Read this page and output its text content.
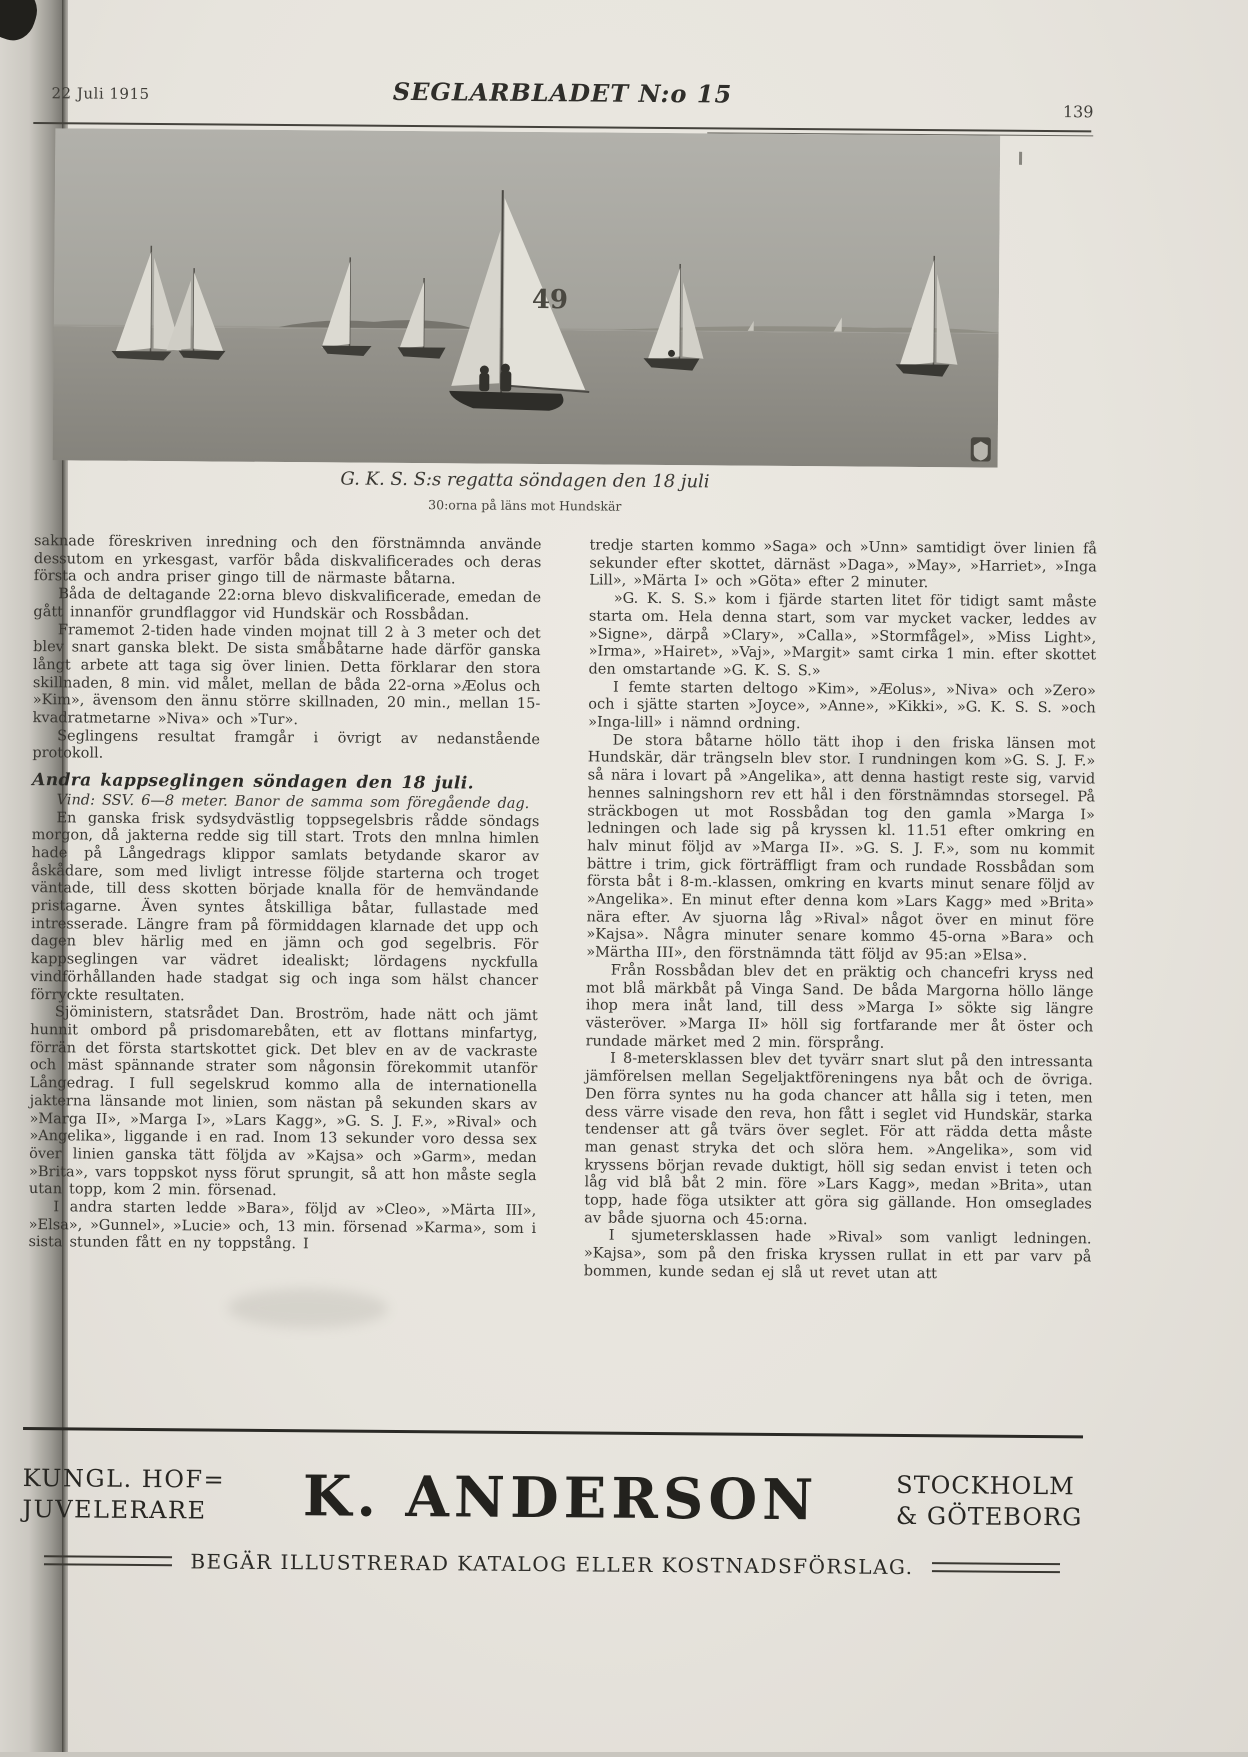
22 Juli 1915	SEGLARBLADET N:o 15
139
49
G. K. S. S:s regatta söndagen den 18 juli
30:orna på läns mot Hundskär

saknade föreskriven inredning och den förstnämnda använde dessutom en yrkesgast, varför båda diskvalificerades och deras första och andra priser gingo till de närmaste båtarna.

Båda de deltagande 22:orna blevo diskvalificerade, emedan de gått innanför grundflaggor vid Hundskär och Rossbådan.

Framemot 2-tiden hade vinden mojnat till 2 à 3 meter och det blev snart ganska blekt. De sista småbåtarne hade därför ganska långt arbete att taga sig över linien. Detta förklarar den stora skillnaden, 8 min. vid målet, mellan de båda 22-orna »Æolus och »Kim», ävensom den ännu större skillnaden, 20 min., mellan 15-kvadratmetarne »Niva» och »Tur».

Seglingens resultat framgår i övrigt av nedanstående protokoll.

Andra kappseglingen söndagen den 18 juli.

Vind: SSV. 6—8 meter. Banor de samma som föregående dag.

En ganska frisk sydsydvästlig toppsegelsbris rådde söndags morgon, då jakterna redde sig till start. Trots den mnlna himlen hade på Långedrags klippor samlats betydande skaror av åskådare, som med livligt intresse följde starterna och troget väntade, till dess skotten började knalla för de hemvändande pristagarne. Även syntes åtskilliga båtar, fullastade med intresserade. Längre fram på förmiddagen klarnade det upp och dagen blev härlig med en jämn och god segelbris. För kappseglingen var vädret idealiskt; lördagens nyckfulla vindförhållanden hade stadgat sig och inga som hälst chancer förryckte resultaten.

Sjöministern, statsrådet Dan. Broström, hade nätt och jämt hunnit ombord på prisdomarebåten, ett av flottans minfartyg, förrän det första startskottet gick. Det blev en av de vackraste och mäst spännande strater som någonsin förekommit utanför Långedrag. I full segelskrud kommo alla de internationella jakterna länsande mot linien, som nästan på sekunden skars av »Marga II», »Marga I», »Lars Kagg», »G. S. J. F.», »Rival» och »Angelika», liggande i en rad. Inom 13 sekunder voro dessa sex över linien ganska tätt följda av »Kajsa» och »Garm», medan »Brita», vars toppskot nyss förut sprungit, så att hon måste segla utan topp, kom 2 min. försenad.

I andra starten ledde »Bara», följd av »Cleo», »Märta III», »Elsa», »Gunnel», »Lucie» och, 13 min. försenad »Karma», som i sista stunden fått en ny toppstång. I

tredje starten kommo »Saga» och »Unn» samtidigt över linien få sekunder efter skottet, därnäst »Daga», »May», »Harriet», »Inga Lill», »Märta I» och »Göta» efter 2 minuter.

»G. K. S. S.» kom i fjärde starten litet för tidigt samt måste starta om. Hela denna start, som var mycket vacker, leddes av »Signe», därpå »Clary», »Calla», »Stormfågel», »Miss Light», »Irma», »Hairet», »Vaj», »Margit» samt cirka 1 min. efter skottet den omstartande »G. K. S. S.»

I femte starten deltogo »Kim», »Æolus», »Niva» och »Zero» och i sjätte starten »Joyce», »Anne», »Kikki», »G. K. S. S. »och »Inga-lill» i nämnd ordning.

De stora båtarne höllo tätt ihop i den friska länsen mot Hundskär, där trängseln blev stor. I rundningen kom »G. S. J. F.» så nära i lovart på »Angelika», att denna hastigt reste sig, varvid hennes salningshorn rev ett hål i den förstnämndas storsegel. På sträckbogen ut mot Rossbådan tog den gamla »Marga I» ledningen och lade sig på kryssen kl. 11.51 efter omkring en halv minut följd av »Marga II». »G. S. J. F.», som nu kommit bättre i trim, gick förträffligt fram och rundade Rossbådan som första båt i 8-m.-klassen, omkring en kvarts minut senare följd av »Angelika». En minut efter denna kom »Lars Kagg» med »Brita» nära efter. Av sjuorna låg »Rival» något över en minut före »Kajsa». Några minuter senare kommo 45-orna »Bara» och »Märtha III», den förstnämnda tätt följd av 95:an »Elsa».

Från Rossbådan blev det en präktig och chancefri kryss ned mot blå märkbåt på Vinga Sand. De båda Margorna höllo länge ihop mera inåt land, till dess »Marga I» sökte sig längre västeröver. »Marga II» höll sig fortfarande mer åt öster och rundade märket med 2 min. försprång.

I 8-metersklassen blev det tyvärr snart slut på den intressanta jämförelsen mellan Segeljaktföreningens nya båt och de övriga. Den förra syntes nu ha goda chancer att hålla sig i teten, men dess värre visade den reva, hon fått i seglet vid Hundskär, starka tendenser att gå tvärs över seglet. För att rädda detta måste man genast stryka det och slöra hem. »Angelika», som vid kryssens början revade duktigt, höll sig sedan envist i teten och låg vid blå båt 2 min. före »Lars Kagg», medan »Brita», utan topp, hade föga utsikter att göra sig gällande. Hon omseglades av både sjuorna och 45:orna.

I sjumetersklassen hade »Rival» som vanligt ledningen. »Kajsa», som på den friska kryssen rullat in ett par varv på bommen, kunde sedan ej slå ut revet utan att

KUNGL. HOF=
JUVELERARE	K. ANDERSON	STOCKHOLM
& GÖTEBORG
BEGÄR ILLUSTRERAD KATALOG ELLER KOSTNADSFÖRSLAG.
